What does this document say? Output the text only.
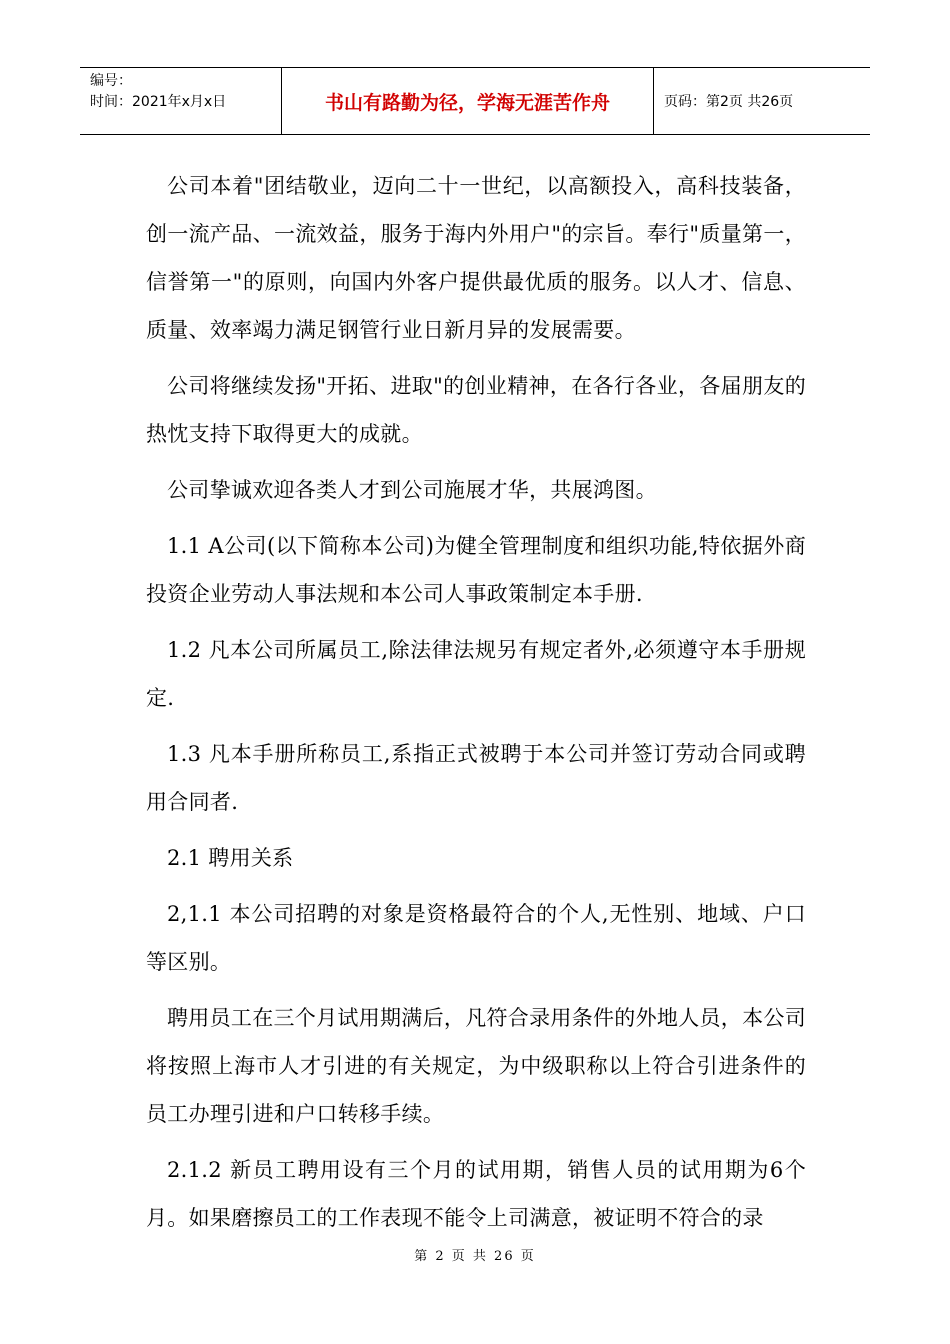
编号：
时间：2021年x月x日	书山有路勤为径，学海无涯苦作舟	页码：第2页 共26页

公司本着"团结敬业，迈向二十一世纪，以高额投入，高科技装备，创一流产品、一流效益，服务于海内外用户"的宗旨。奉行"质量第一，信誉第一"的原则，向国内外客户提供最优质的服务。以人才、信息、质量、效率竭力满足钢管行业日新月异的发展需要。

公司将继续发扬"开拓、进取"的创业精神，在各行各业，各届朋友的热忱支持下取得更大的成就。

公司挚诚欢迎各类人才到公司施展才华，共展鸿图。

1.1 A公司(以下简称本公司)为健全管理制度和组织功能,特依据外商投资企业劳动人事法规和本公司人事政策制定本手册.

1.2 凡本公司所属员工,除法律法规另有规定者外,必须遵守本手册规定.

1.3 凡本手册所称员工,系指正式被聘于本公司并签订劳动合同或聘用合同者.

2.1 聘用关系

2,1.1 本公司招聘的对象是资格最符合的个人,无性别、地域、户口等区别。

聘用员工在三个月试用期满后，凡符合录用条件的外地人员，本公司将按照上海市人才引进的有关规定，为中级职称以上符合引进条件的员工办理引进和户口转移手续。

2.1.2 新员工聘用设有三个月的试用期，销售人员的试用期为6个月。如果磨擦员工的工作表现不能令上司满意，被证明不符合的录

第 2 页 共 26 页
